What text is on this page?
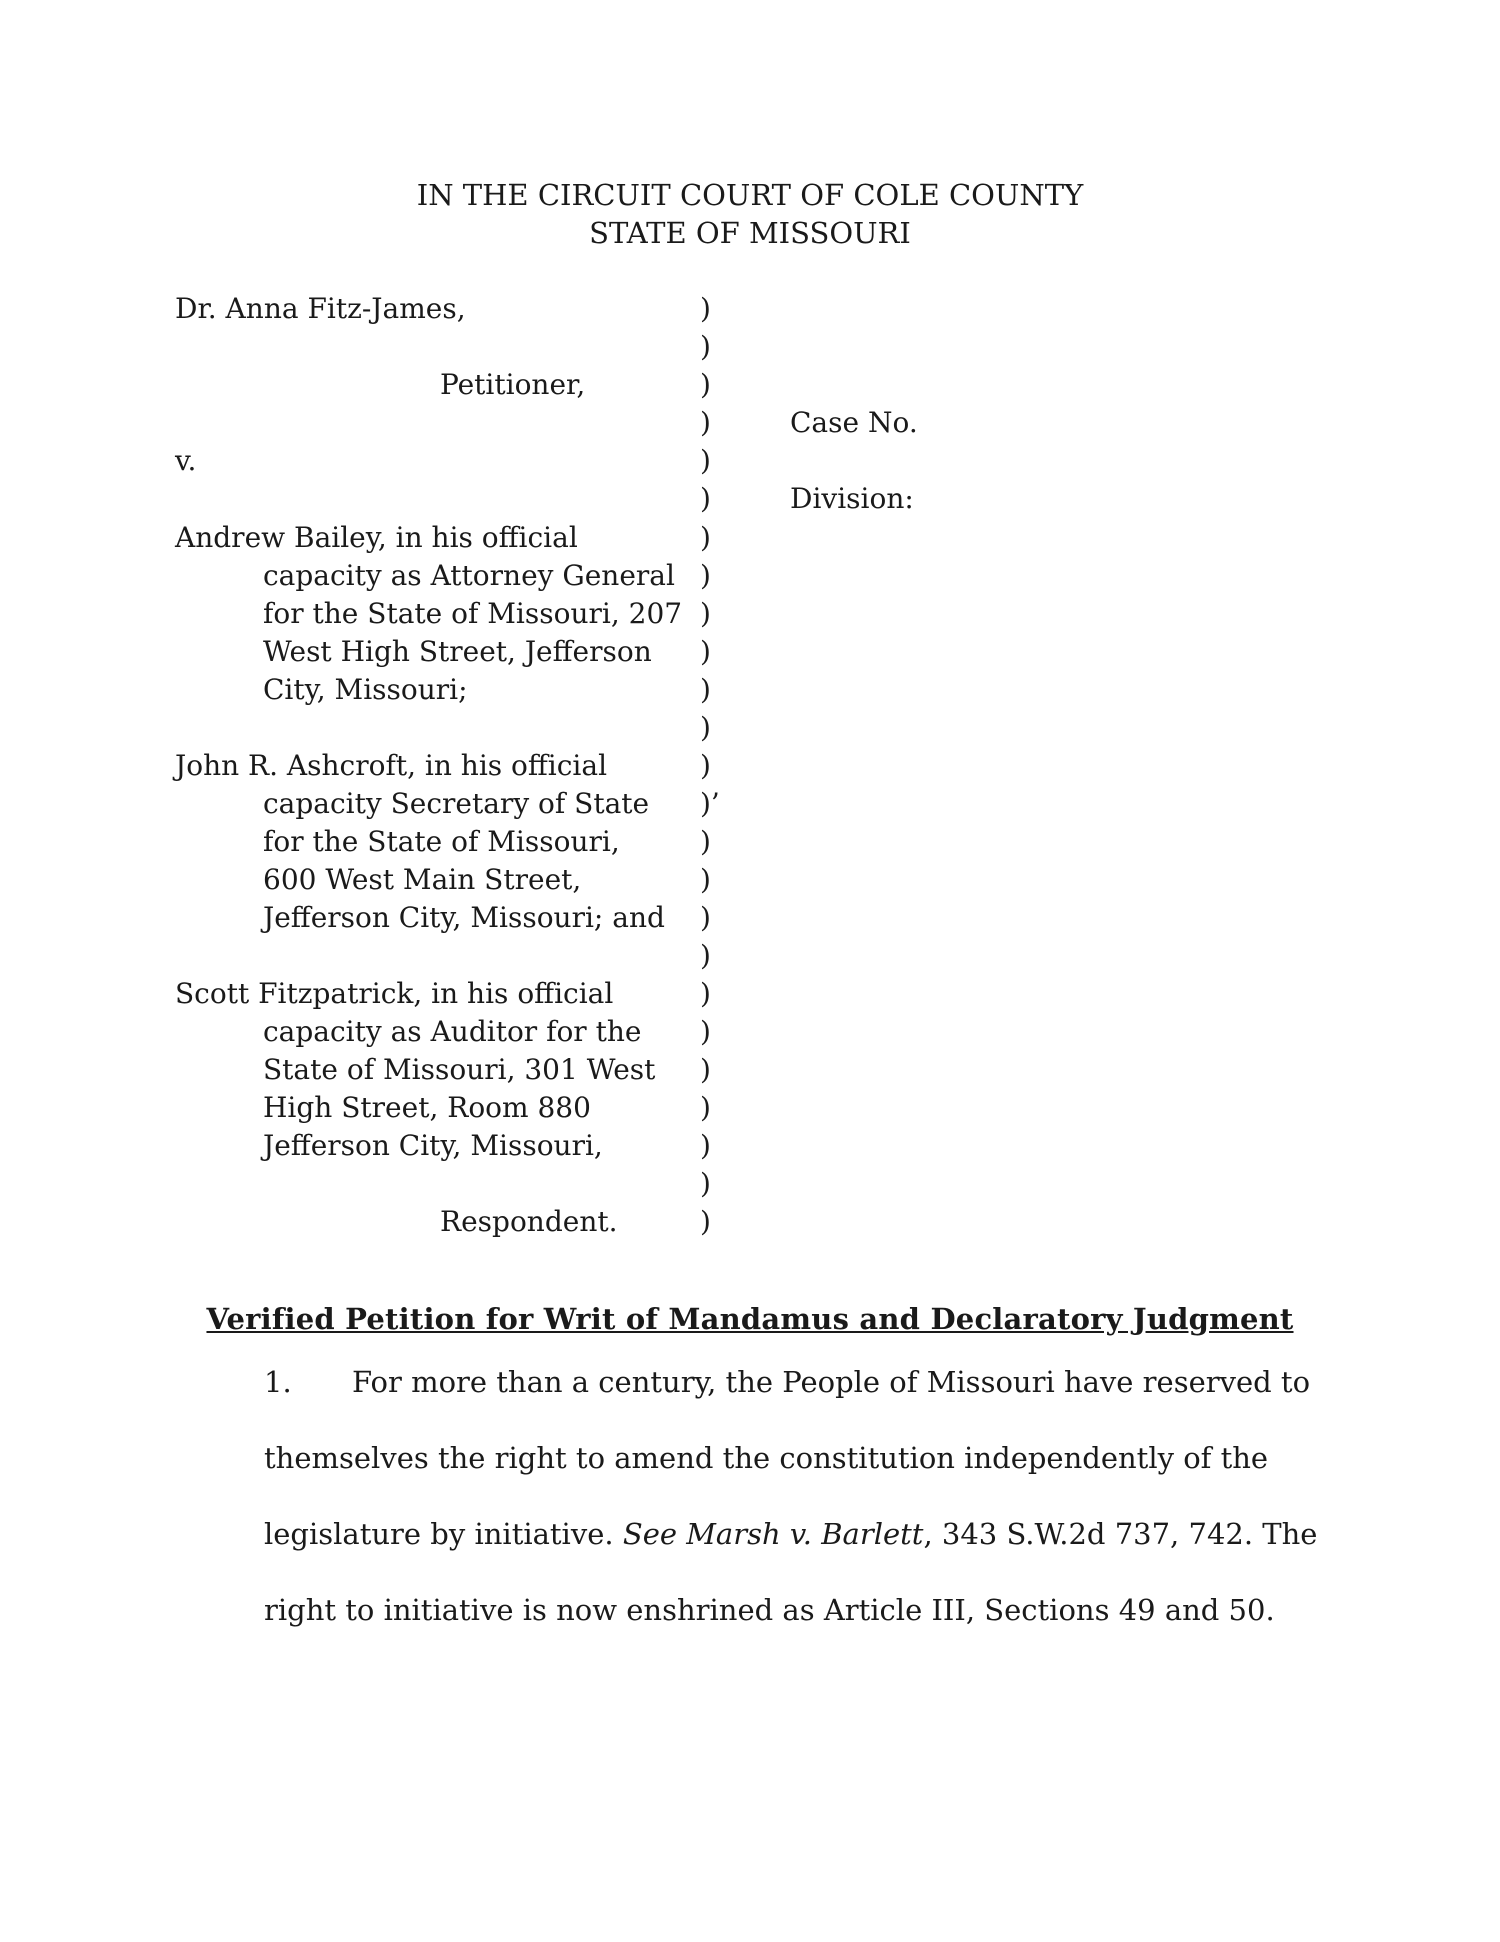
IN THE CIRCUIT COURT OF COLE COUNTY
STATE OF MISSOURI
Dr. Anna Fitz-James,
Petitioner,
v.
Andrew Bailey, in his official
capacity as Attorney General
for the State of Missouri, 207
West High Street, Jefferson
City, Missouri;
John R. Ashcroft, in his official
capacity Secretary of State
for the State of Missouri,
600 West Main Street,
Jefferson City, Missouri; and
Scott Fitzpatrick, in his official
capacity as Auditor for the
State of Missouri, 301 West
High Street, Room 880
Jefferson City, Missouri,
Respondent.
)
)
)
)
)
)
)
)
)
)
)
)
)
)’
)
)
)
)
)
)
)
)
)
)
)
Case No.
Division:
Verified Petition for Writ of Mandamus and Declaratory Judgment
1. For more than a century, the People of Missouri have reserved to
themselves the right to amend the constitution independently of the
legislature by initiative. See Marsh v. Barlett, 343 S.W.2d 737, 742. The
right to initiative is now enshrined as Article III, Sections 49 and 50.
